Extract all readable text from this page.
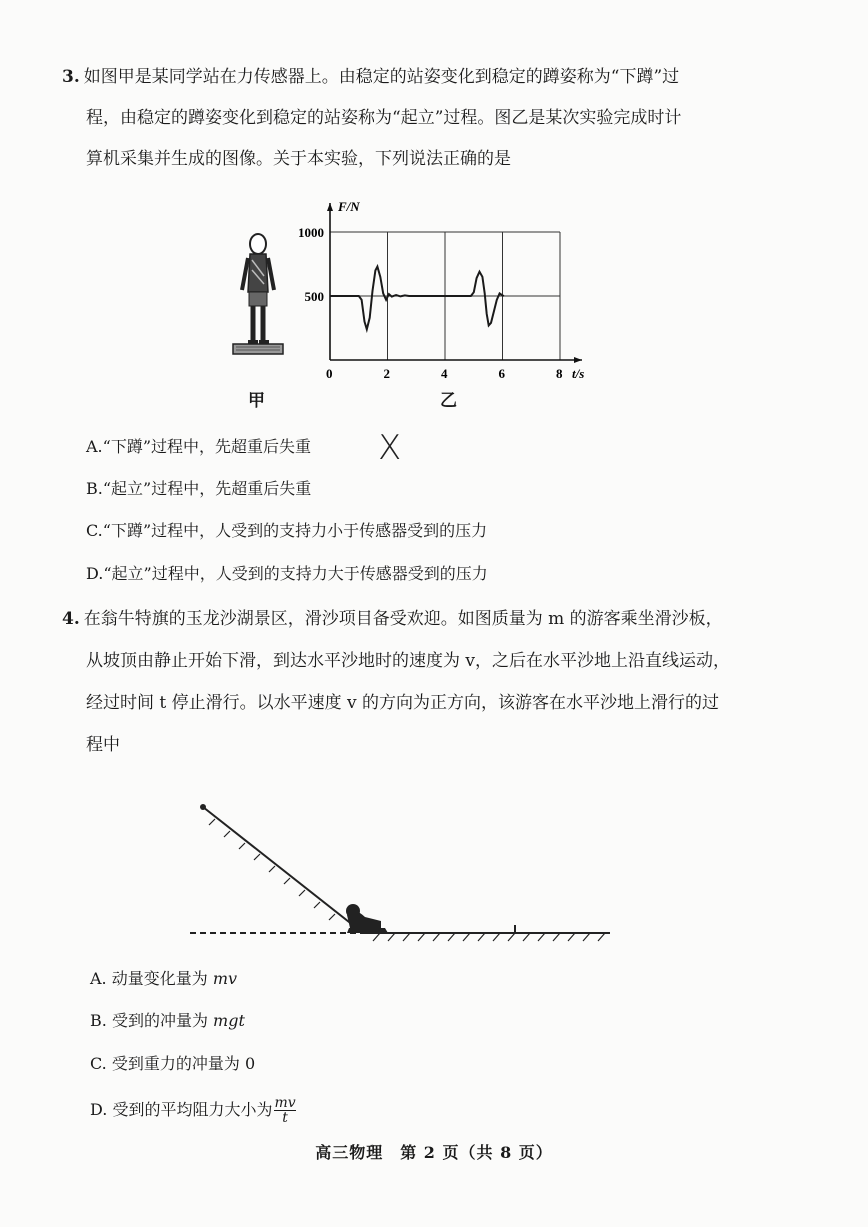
3. 如图甲是某同学站在力传感器上。由稳定的站姿变化到稳定的蹲姿称为“下蹲”过
程，由稳定的蹲姿变化到稳定的站姿称为“起立”过程。图乙是某次实验完成时计
算机采集并生成的图像。关于本实验，下列说法正确的是
甲
0	2	4	6	8
500
1000
t/s
F/N
乙
A.“下蹲”过程中，先超重后失重 X
B.“起立”过程中，先超重后失重
C.“下蹲”过程中，人受到的支持力小于传感器受到的压力
D.“起立”过程中，人受到的支持力大于传感器受到的压力
4. 在翁牛特旗的玉龙沙湖景区，滑沙项目备受欢迎。如图质量为 m 的游客乘坐滑沙板，
从坡顶由静止开始下滑，到达水平沙地时的速度为 v，之后在水平沙地上沿直线运动，
经过时间 t 停止滑行。以水平速度 v 的方向为正方向，该游客在水平沙地上滑行的过
程中
A. 动量变化量为 mv
B. 受到的冲量为 mgt
C. 受到重力的冲量为 0
D. 受到的平均阻力大小为 $\frac{mv}{t}$
高三物理　第 2 页（共 8 页）
